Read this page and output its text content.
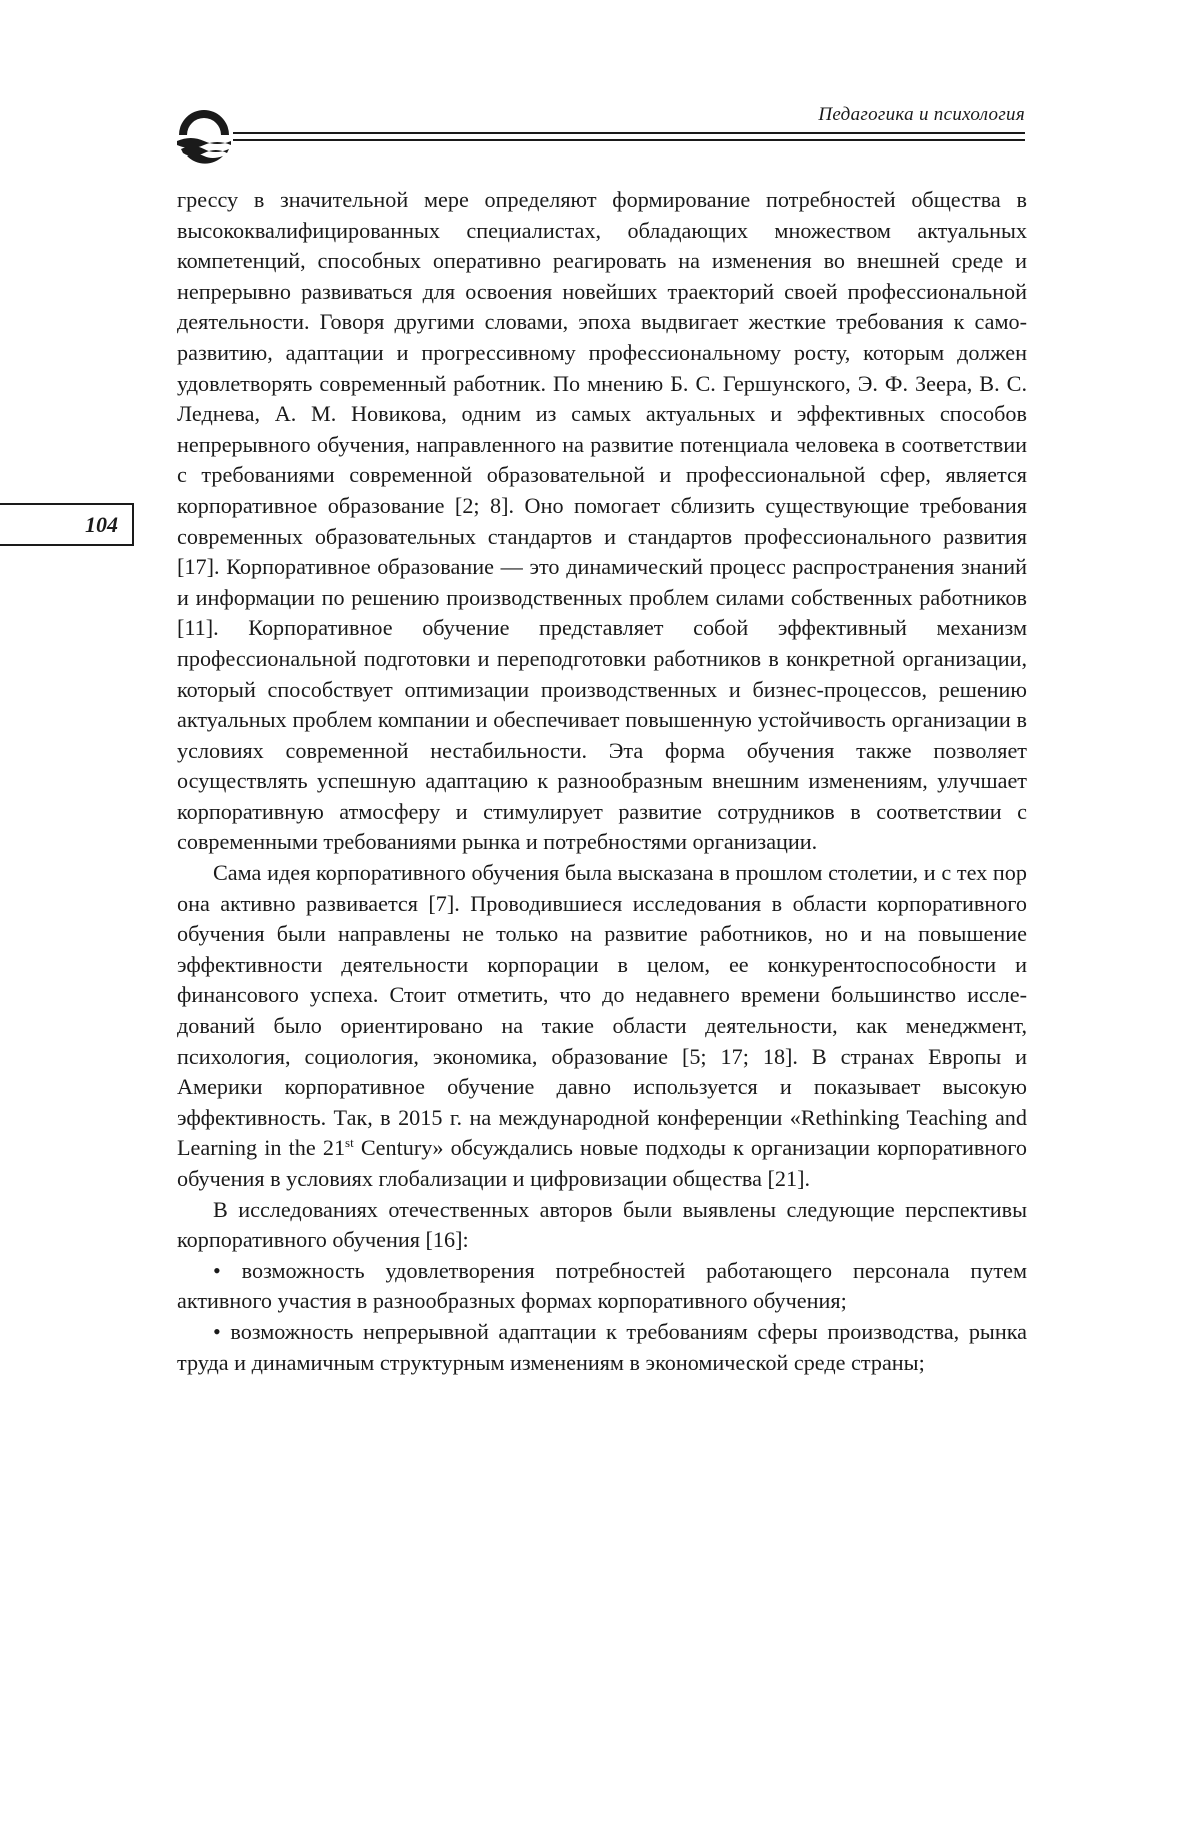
Педагогика и психология
104

грессу в значительной мере определяют формирование потребностей общества в высококвалифицированных специалистах, обладающих множеством актуальных компетенций, способных оперативно реагировать на изменения во внешней среде и непрерывно развиваться для освоения новейших траекторий своей профессиональной деятельности. Говоря другими словами, эпоха выдвигает жесткие требования к саморазвитию, адаптации и прогрессивному профессиональному росту, которым должен удовлетворять современный работник. По мнению Б. С. Гершунского, Э. Ф. Зеера, В. С. Леднева, А. М. Новикова, одним из самых актуальных и эффективных способов непрерывного обучения, направленного на развитие потенциала человека в соответствии с требованиями современной образовательной и профессиональной сфер, является корпоративное образование [2; 8]. Оно помогает сблизить существующие требования современных образовательных стандартов и стандартов профессионального развития [17]. Корпоративное образование — это динамический процесс распространения знаний и информации по решению производственных проблем силами собственных работников [11]. Корпоративное обучение представляет собой эффективный механизм профессиональной подготовки и переподготовки работников в конкретной организации, который способствует оптимизации производственных и бизнес-процессов, решению актуальных проблем компании и обеспечивает повышенную устойчивость организации в условиях современной нестабильности. Эта форма обучения также позволяет осуществлять успешную адаптацию к разнообразным внешним изменениям, улучшает корпоративную атмосферу и стимулирует развитие сотрудников в соответствии с современными требованиями рынка и потребностями организации.

Сама идея корпоративного обучения была высказана в прошлом столетии, и с тех пор она активно развивается [7]. Проводившиеся исследования в области корпоративного обучения были направлены не только на развитие работников, но и на повышение эффективности деятельности корпорации в целом, ее конкурентоспособности и финансового успеха. Стоит отметить, что до недавнего времени большинство исследований было ориентировано на такие области деятельности, как менеджмент, психология, социология, экономика, образование [5; 17; 18]. В странах Европы и Америки корпоративное обучение давно используется и показывает высокую эффективность. Так, в 2015 г. на международной конференции «Rethinking Teaching and Learning in the 21st Century» обсуждались новые подходы к организации корпоративного обучения в условиях глобализации и цифровизации общества [21].

В исследованиях отечественных авторов были выявлены следующие перспективы корпоративного обучения [16]:

• возможность удовлетворения потребностей работающего персонала путем активного участия в разнообразных формах корпоративного обучения;

• возможность непрерывной адаптации к требованиям сферы производства, рынка труда и динамичным структурным изменениям в экономической среде страны;
